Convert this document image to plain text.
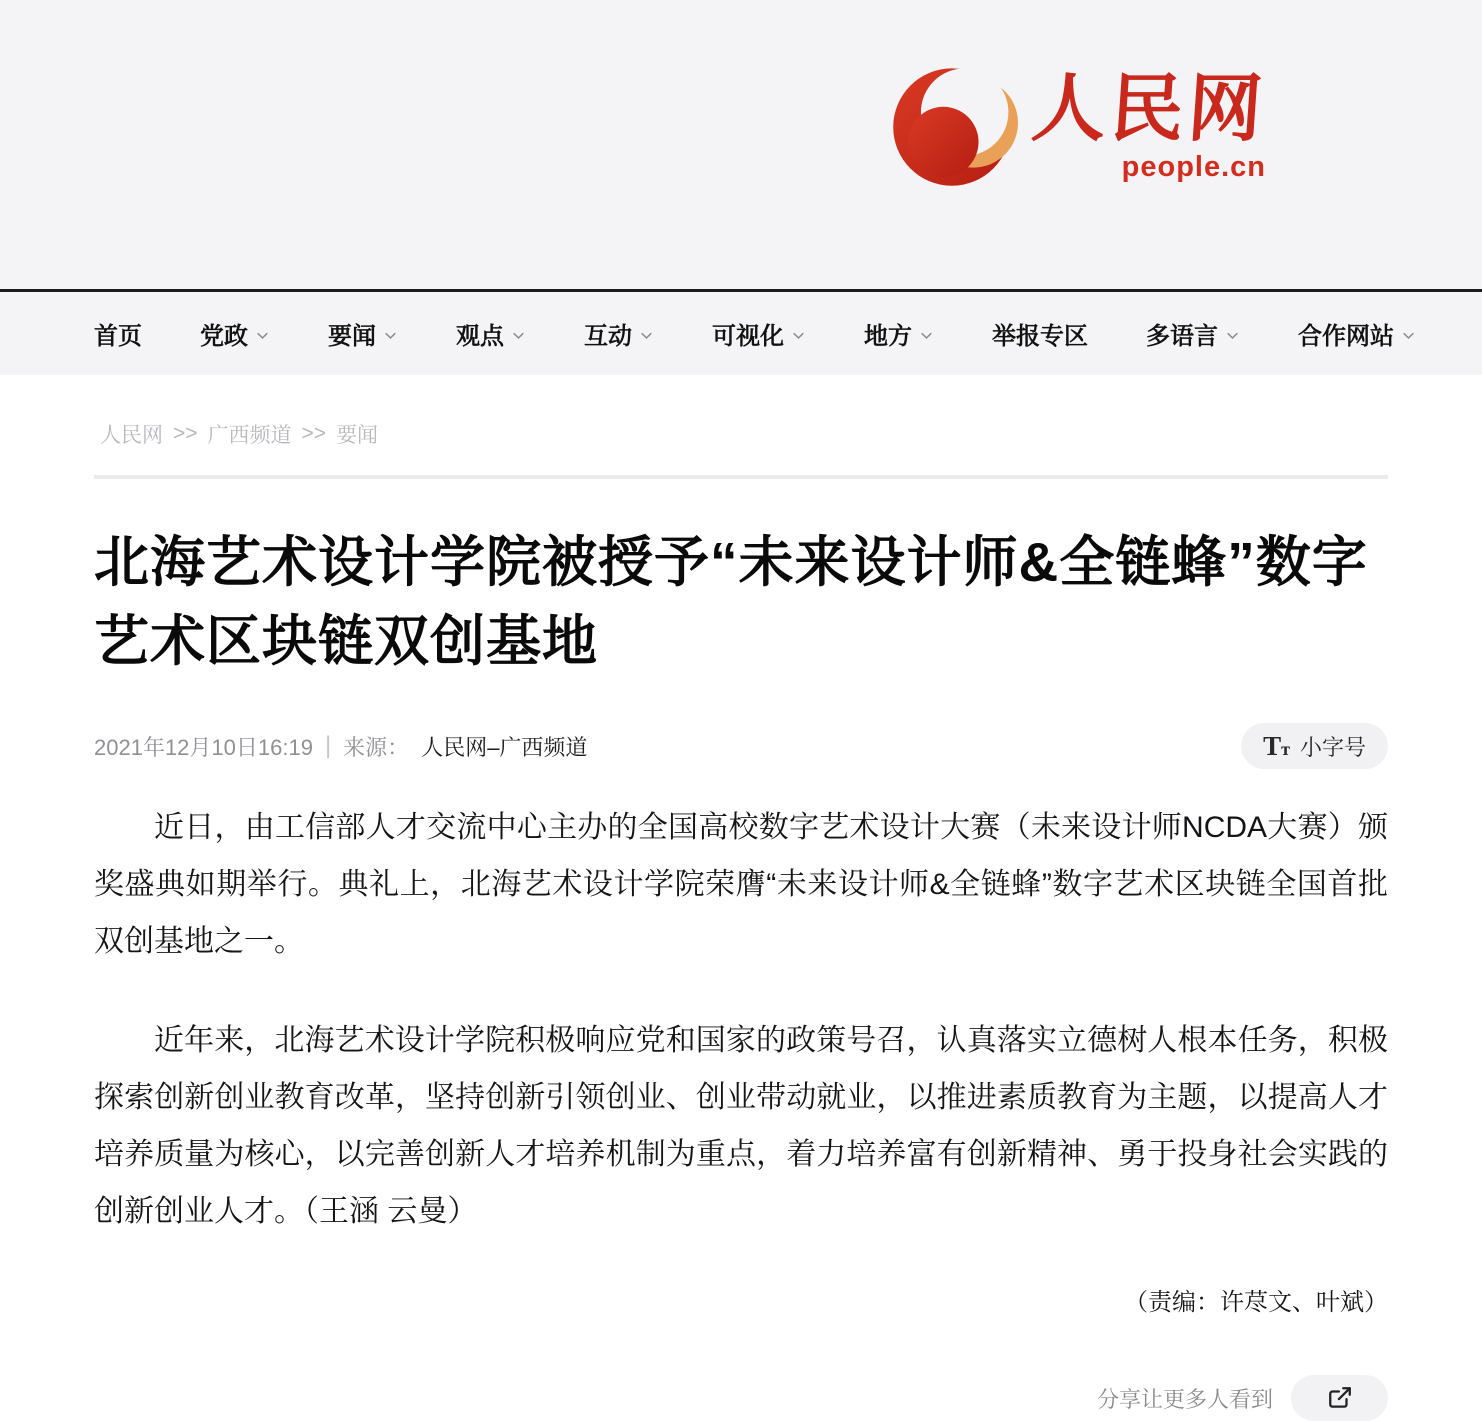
人民网
people.cn
首页 党政	要闻	观点	互动	可视化	地方	举报专区 多语言	合作网站
人民网 >> 广西频道 >> 要闻
北海艺术设计学院被授予“未来设计师&全链蜂”数字艺术区块链双创基地
2021年12月10日16:19 | 来源： 人民网–广西频道	Tт 小字号

近日，由工信部人才交流中心主办的全国高校数字艺术设计大赛（未来设计师NCDA大赛）颁奖盛典如期举行。典礼上，北海艺术设计学院荣膺“未来设计师&全链蜂”数字艺术区块链全国首批双创基地之一。

近年来，北海艺术设计学院积极响应党和国家的政策号召，认真落实立德树人根本任务，积极探索创新创业教育改革，坚持创新引领创业、创业带动就业，以推进素质教育为主题，以提高人才培养质量为核心，以完善创新人才培养机制为重点，着力培养富有创新精神、勇于投身社会实践的创新创业人才。（王涵 云曼）

（责编：许荩文、叶斌）
分享让更多人看到
